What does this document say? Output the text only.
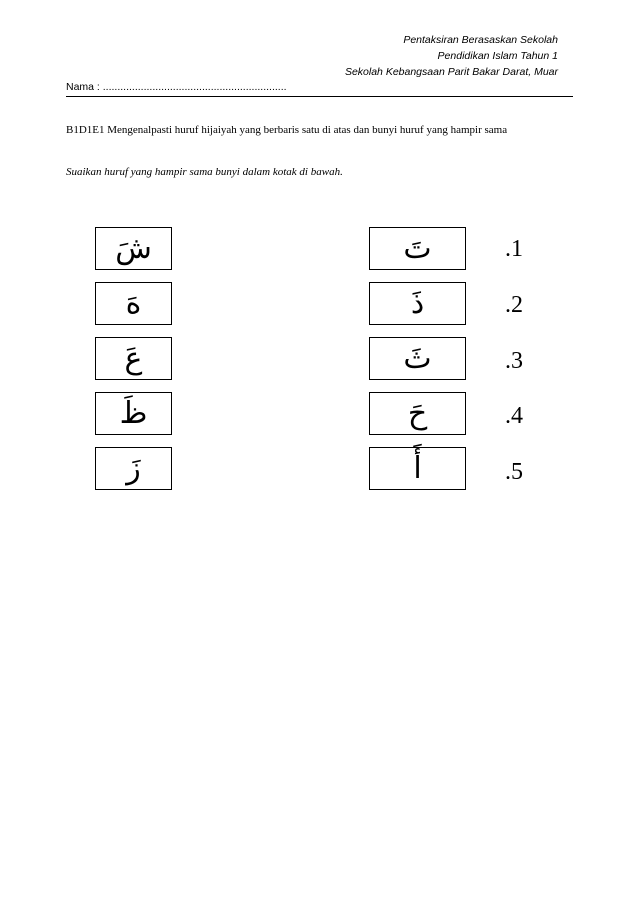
Pentaksiran Berasaskan Sekolah
Pendidikan Islam Tahun 1
Sekolah Kebangsaan Parit Bakar Darat, Muar
Nama : ...............................................................
B1D1E1 Mengenalpasti huruf hijaiyah yang berbaris satu di atas dan bunyi huruf yang hampir sama
Suaikan huruf yang hampir sama bunyi dalam kotak di bawah.
شَ	تَ	.1
هَ	ذَ	.2
عَ	ثَ	.3
ظَ	حَ	.4
زَ	أَ	.5
